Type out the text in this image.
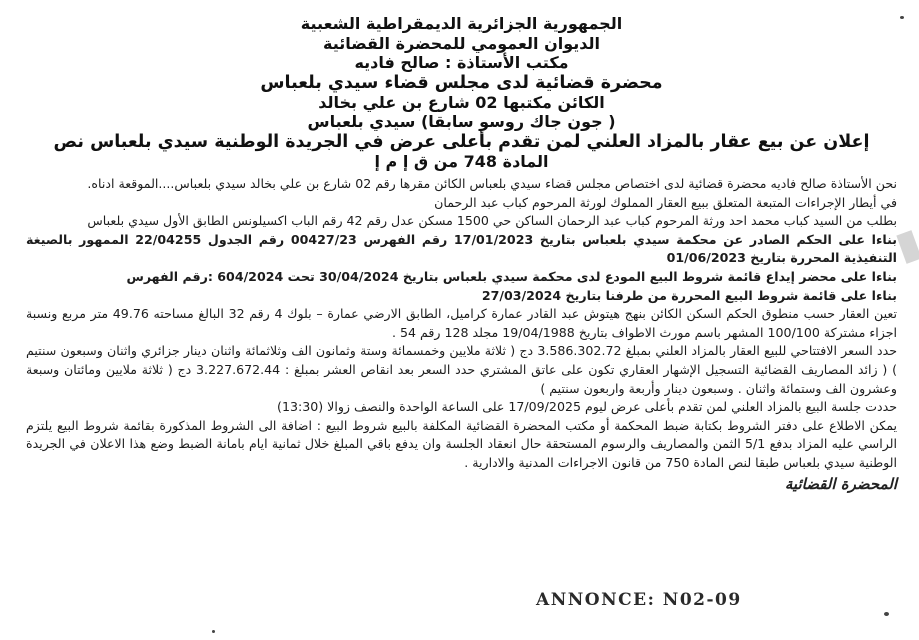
الجمهورية الجزائرية الديمقراطية الشعبية
الديوان العمومي للمحضرة القضائية
مكتب الأستاذة : صالح فاديه
محضرة قضائية لدى مجلس قضاء سيدي بلعباس
الكائن مكتبها 02 شارع بن علي بخالد
( جون جاك روسو سابقا) سيدي بلعباس
إعلان عن بيع عقار بالمزاد العلني لمن تقدم بأعلى عرض في الجريدة الوطنية سيدي بلعباس نص
المادة 748 من ق إ م إ

نحن الأستاذة صالح فاديه محضرة قضائية لدى اختصاص مجلس قضاء سيدي بلعباس الكائن مقرها رقم 02 شارع بن علي بخالد سيدي بلعباس....الموقعة ادناه.

في أيطار الإجراءات المتبعة المتعلق ببيع العقار المملوك لورثة المرحوم كباب عبد الرحمان

بطلب من السيد كباب محمد احد ورثة المرحوم كباب عبد الرحمان الساكن حي 1500 مسكن عدل رقم 42 رقم الباب اكسيلونس الطابق الأول سيدي بلعباس

بناءا على الحكم الصادر عن محكمة سيدي بلعباس بتاريخ 17/01/2023 رقم الفهرس 00427/23 رقم الجدول 22/04255 الممهور بالصيغة التنفيذية المحررة بتاريخ 01/06/2023

بناءا على محضر إيداع قائمة شروط البيع المودع لدى محكمة سيدي بلعباس بتاريخ 30/04/2024 تحت 604/2024 :رقم الفهرس

بناءا على قائمة شروط البيع المحررة من طرفنا بتاريخ 27/03/2024

تعين العقار حسب منطوق الحكم السكن الكائن بنهج هيتوش عبد القادر عمارة كراميل، الطابق الارضي عمارة – بلوك 4 رقم 32 البالغ مساحته 49.76 متر مربع ونسبة اجزاء مشتركة 100/100 المشهر باسم مورث الاطواف بتاريخ 19/04/1988 مجلد 128 رقم 54 .

حدد السعر الافتتاحي للبيع العقار بالمزاد العلني بمبلغ 3.586.302.72 دج ( ثلاثة ملايين وخمسمائة وستة وثمانون الف وثلاثمائة واثنان دينار جزائري واثنان وسبعون سنتيم ) ( زائد المصاريف القضائية التسجيل الإشهار العقاري تكون على عاتق المشتري حدد السعر بعد انقاص العشر بمبلغ : 3.227.672.44 دج ( ثلاثة ملايين ومائتان وسبعة وعشرون الف وستمائة واثنان . وسبعون دينار وأربعة واربعون سنتيم )

حددت جلسة البيع بالمزاد العلني لمن تقدم بأعلى عرض ليوم 17/09/2025 على الساعة الواحدة والنصف زوالا (13:30)

يمكن الاطلاع على دفتر الشروط بكتابة ضبط المحكمة أو مكتب المحضرة القضائية المكلفة بالبيع شروط البيع : اضافة الى الشروط المذكورة بقائمة شروط البيع يلتزم الراسي عليه المزاد بدفع 5/1 الثمن والمصاريف والرسوم المستحقة حال انعقاد الجلسة وان يدفع باقي المبلغ خلال ثمانية ايام بامانة الضبط وضع هذا الاعلان في الجريدة الوطنية سيدي بلعباس طبقا لنص المادة 750 من قانون الاجراءات المدنية والادارية .

المحضرة القضائية
ANNONCE: N02-09
